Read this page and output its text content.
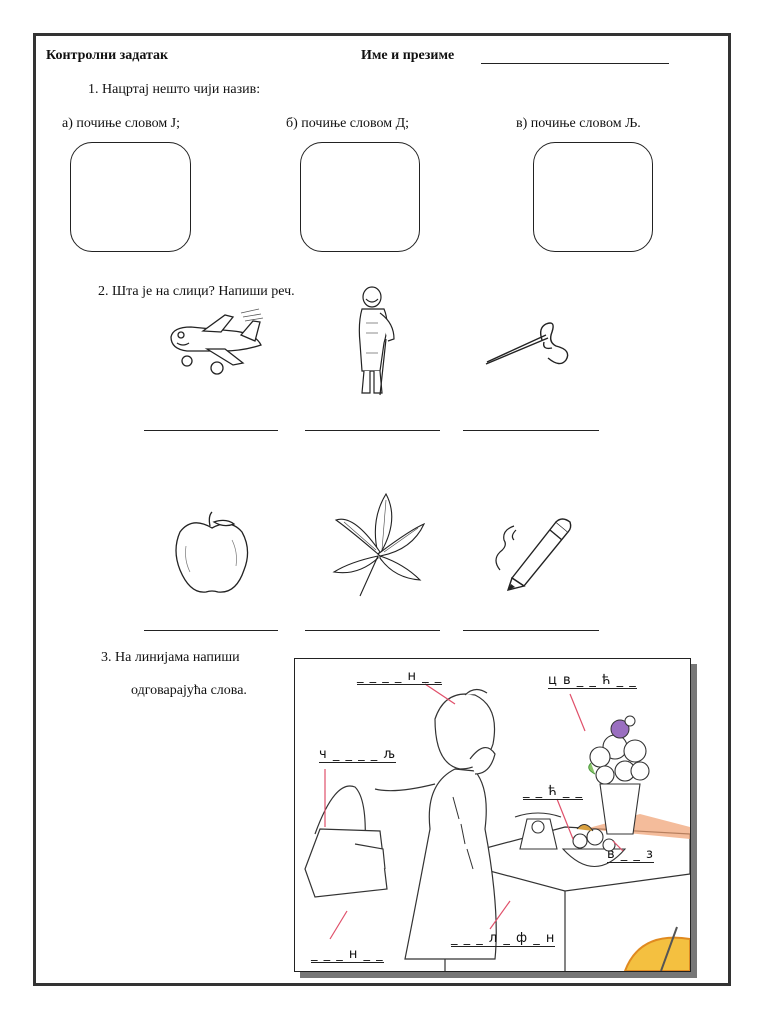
Контролни задатак	Име и презиме
1. Нацртај нешто чији назив:
а) почиње словом Ј;	б) почиње словом Д;	в) почиње словом Љ.
2. Шта је на слици? Напиши реч.
3. На линијама напиши
одговарајућа слова.
_ _ _ _ н _ _	ц в _ _ ћ _ _
ч _ _ _ _ љ
_ _ ћ _ _
в _ _ з
_ _ _ л _ ф _ н
_ _ _ н _ _
